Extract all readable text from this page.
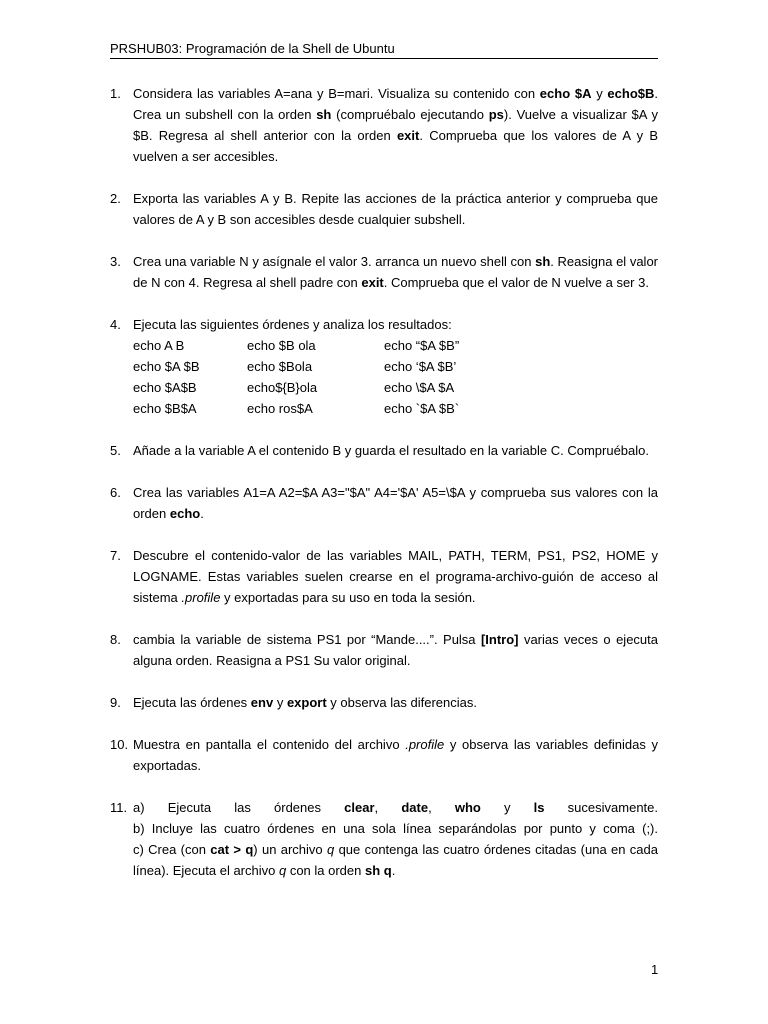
PRSHUB03: Programación de la Shell de Ubuntu
1. Considera las variables A=ana y B=mari. Visualiza su contenido con echo $A y echo$B.
Crea un subshell con la orden sh (compruébalo ejecutando ps). Vuelve a visualizar $A y
$B. Regresa al shell anterior con la orden exit. Comprueba que los valores de A y B
vuelven a ser accesibles.
2. Exporta las variables A y B. Repite las acciones de la práctica anterior y comprueba que
valores de A y B son accesibles desde cualquier subshell.
3. Crea una variable N y asígnale el valor 3. arranca un nuevo shell con sh. Reasigna el valor
de N con 4. Regresa al shell padre con exit. Comprueba que el valor de N vuelve a ser 3.
4. Ejecuta las siguientes órdenes y analiza los resultados:
echo A B	echo $B ola	echo “$A $B”
echo $A $B	echo $Bola	echo ‘$A $B’
echo $A$B	echo${B}ola	echo \$A $A
echo $B$A	echo ros$A	echo `$A $B`
5. Añade a la variable A el contenido B y guarda el resultado en la variable C. Compruébalo.
6. Crea las variables A1=A A2=$A A3="$A" A4='$A' A5=\$A y comprueba sus valores con la
orden echo.
7. Descubre el contenido-valor de las variables MAIL, PATH, TERM, PS1, PS2, HOME y
LOGNAME. Estas variables suelen crearse en el programa-archivo-guión de acceso al
sistema .profile y exportadas para su uso en toda la sesión.
8. cambia la variable de sistema PS1 por “Mande....”. Pulsa [Intro] varias veces o ejecuta
alguna orden. Reasigna a PS1 Su valor original.
9. Ejecuta las órdenes env y export y observa las diferencias.
10. Muestra en pantalla el contenido del archivo .profile y observa las variables definidas y
exportadas.
11. a) Ejecuta las órdenes clear, date, who y ls sucesivamente.
b) Incluye las cuatro órdenes en una sola línea separándolas por punto y coma (;).
c) Crea (con cat > q) un archivo q que contenga las cuatro órdenes citadas (una en cada
línea). Ejecuta el archivo q con la orden sh q.
1
